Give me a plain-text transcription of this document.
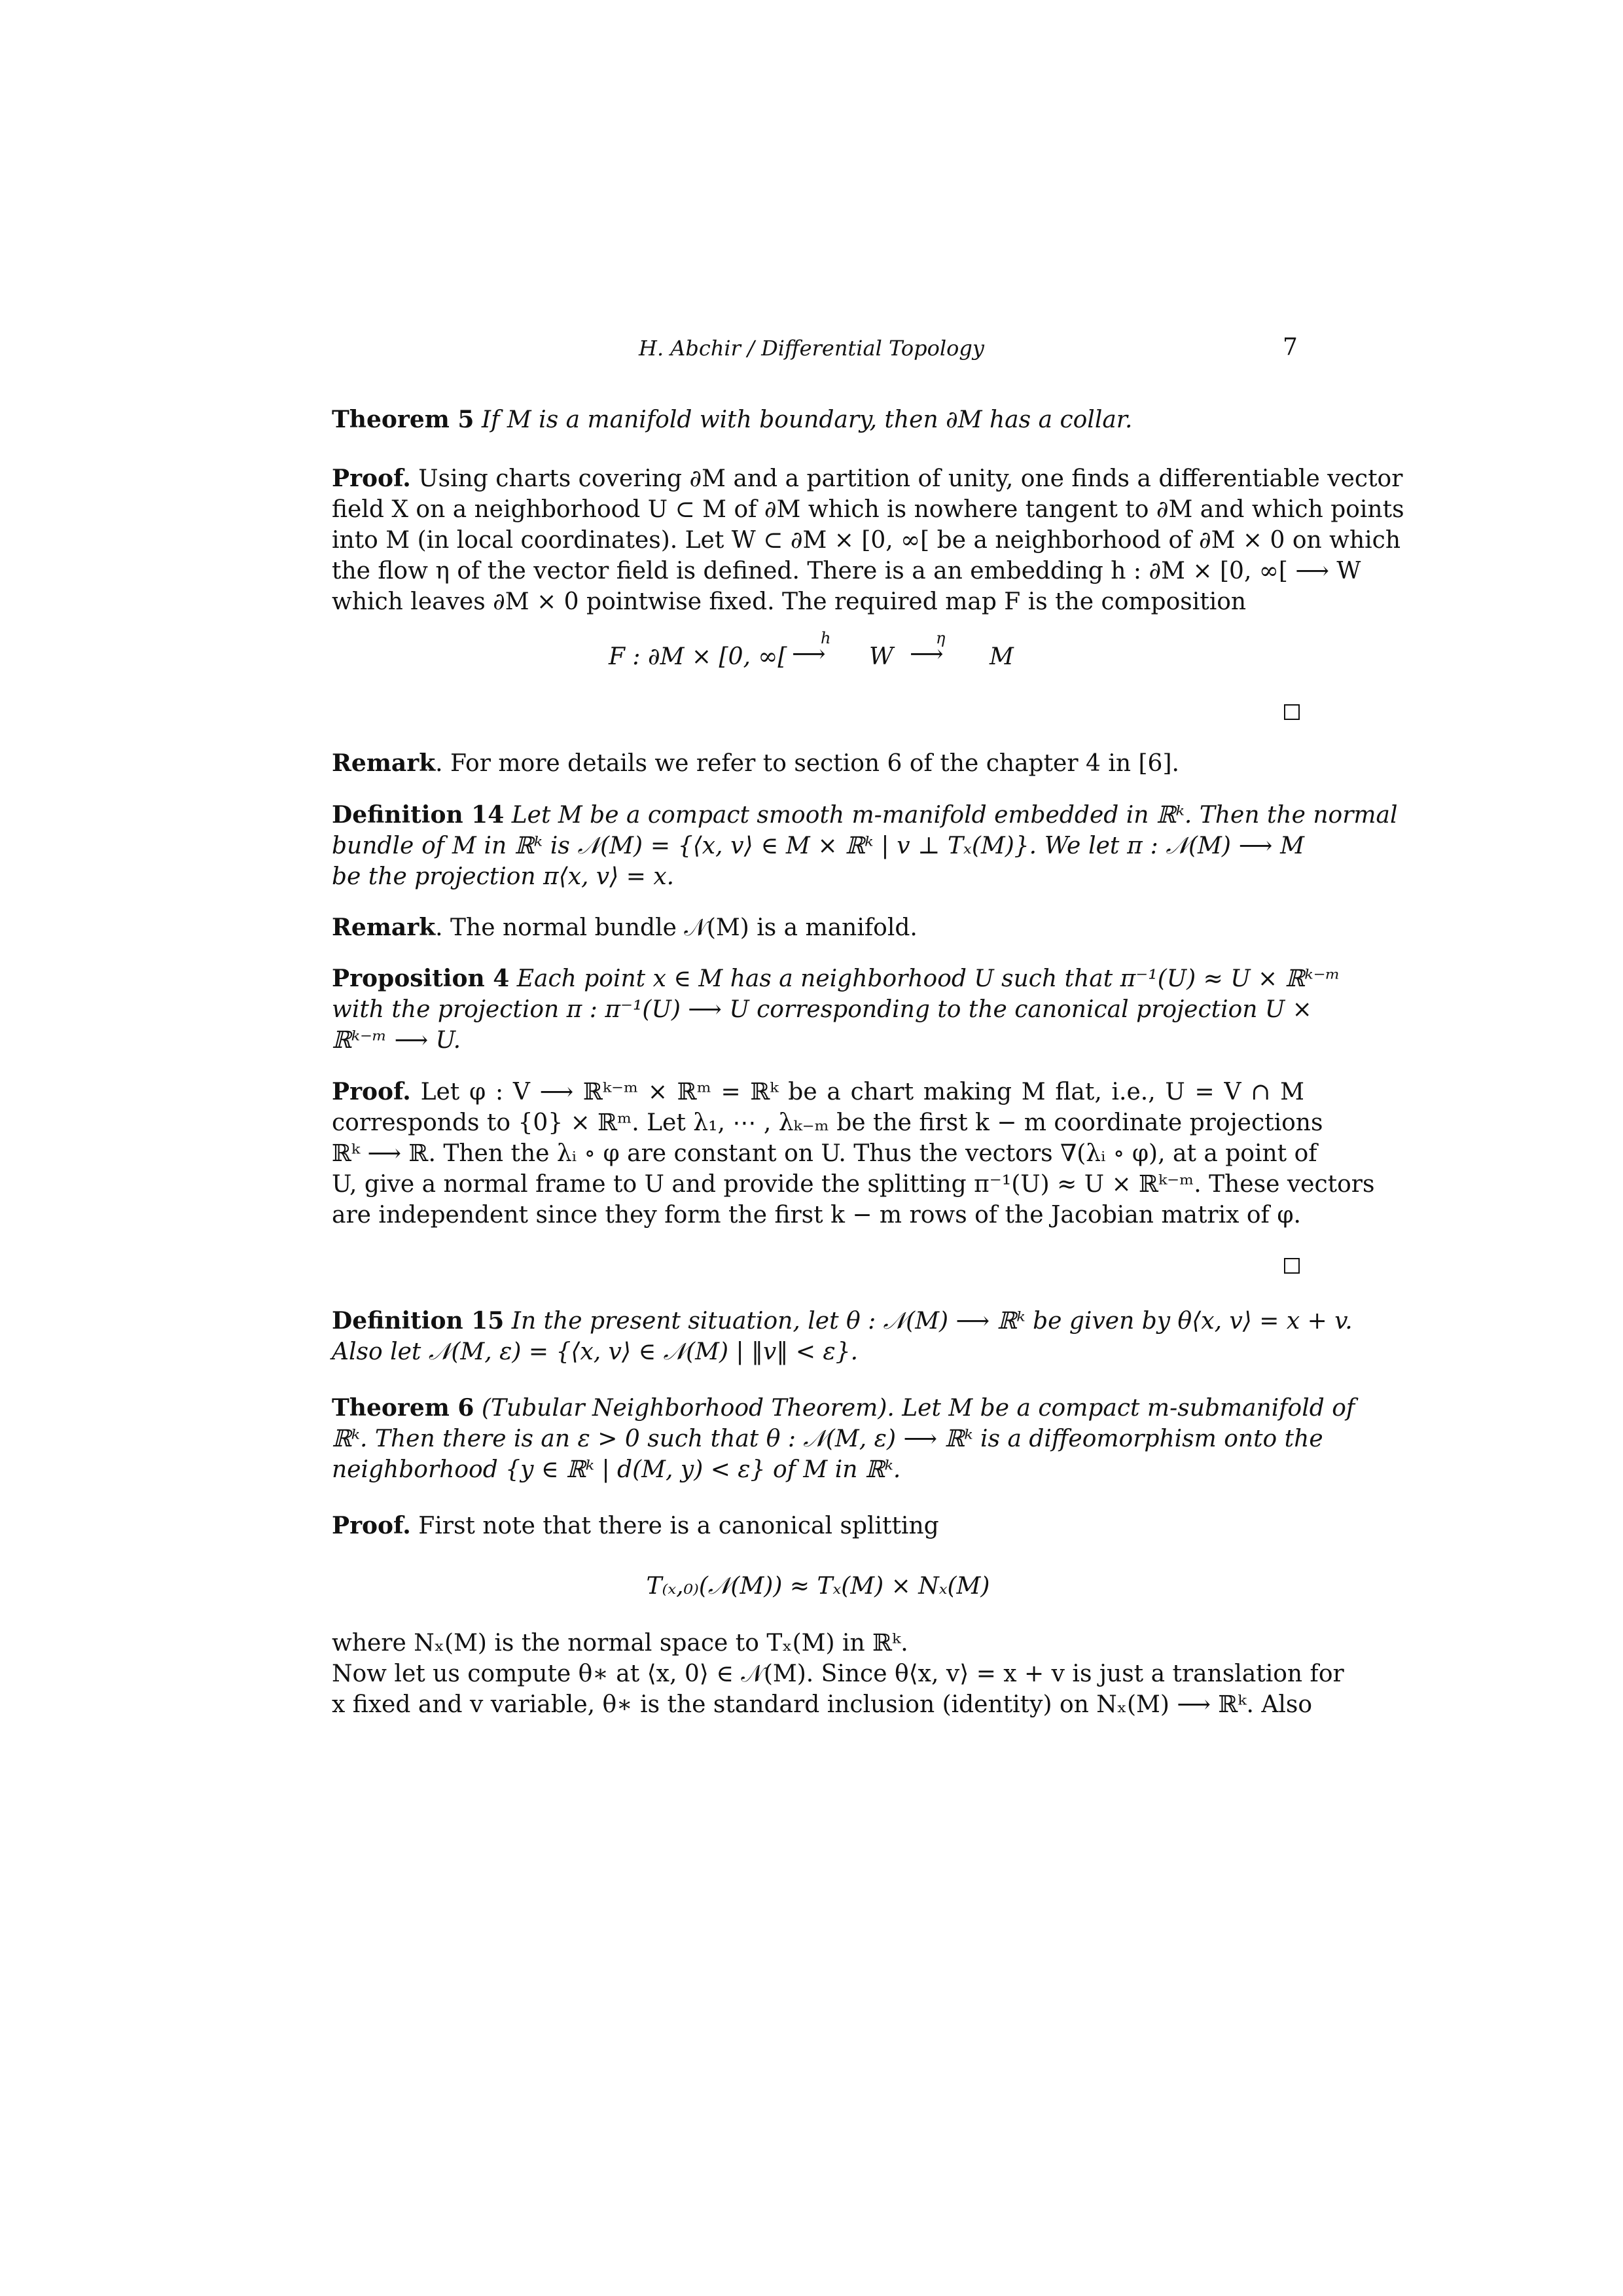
H. Abchir / Differential Topology	7
Theorem 5 If M is a manifold with boundary, then ∂M has a collar.
Proof. Using charts covering ∂M and a partition of unity, one finds a differentiable vector
field X on a neighborhood U ⊂ M of ∂M which is nowhere tangent to ∂M and which points
into M (in local coordinates). Let W ⊂ ∂M × [0, ∞[ be a neighborhood of ∂M × 0 on which
the flow η of the vector field is defined. There is a an embedding h : ∂M × [0, ∞[ ⟶ W
which leaves ∂M × 0 pointwise fixed. The required map F is the composition
F : ∂M × [0, ∞[
h
⟶ W
η
⟶ M
Remark. For more details we refer to section 6 of the chapter 4 in [6].
Definition 14 Let M be a compact smooth m-manifold embedded in ℝᵏ. Then the normal
bundle of M in ℝᵏ is 𝒩(M) = {⟨x, v⟩ ∈ M × ℝᵏ | v ⊥ Tₓ(M)}. We let π : 𝒩(M) ⟶ M
be the projection π⟨x, v⟩ = x.
Remark. The normal bundle 𝒩(M) is a manifold.
Proposition 4 Each point x ∈ M has a neighborhood U such that π⁻¹(U) ≈ U × ℝᵏ⁻ᵐ
with the projection π : π⁻¹(U) ⟶ U corresponding to the canonical projection U ×
ℝᵏ⁻ᵐ ⟶ U.
Proof. Let φ : V ⟶ ℝᵏ⁻ᵐ × ℝᵐ = ℝᵏ be a chart making M flat, i.e., U = V ∩ M
corresponds to {0} × ℝᵐ. Let λ₁, ⋯ , λₖ₋ₘ be the first k − m coordinate projections
ℝᵏ ⟶ ℝ. Then the λᵢ ∘ φ are constant on U. Thus the vectors ∇(λᵢ ∘ φ), at a point of
U, give a normal frame to U and provide the splitting π⁻¹(U) ≈ U × ℝᵏ⁻ᵐ. These vectors
are independent since they form the first k − m rows of the Jacobian matrix of φ.
Definition 15 In the present situation, let θ : 𝒩(M) ⟶ ℝᵏ be given by θ⟨x, v⟩ = x + v.
Also let 𝒩(M, ε) = {⟨x, v⟩ ∈ 𝒩(M) | ‖v‖ < ε}.
Theorem 6 (Tubular Neighborhood Theorem). Let M be a compact m-submanifold of
ℝᵏ. Then there is an ε > 0 such that θ : 𝒩(M, ε) ⟶ ℝᵏ is a diffeomorphism onto the
neighborhood {y ∈ ℝᵏ | d(M, y) < ε} of M in ℝᵏ.
Proof. First note that there is a canonical splitting
T₍ₓ,₀₎(𝒩(M)) ≈ Tₓ(M) × Nₓ(M)
where Nₓ(M) is the normal space to Tₓ(M) in ℝᵏ.
Now let us compute θ∗ at ⟨x, 0⟩ ∈ 𝒩(M). Since θ⟨x, v⟩ = x + v is just a translation for
x fixed and v variable, θ∗ is the standard inclusion (identity) on Nₓ(M) ⟶ ℝᵏ. Also
